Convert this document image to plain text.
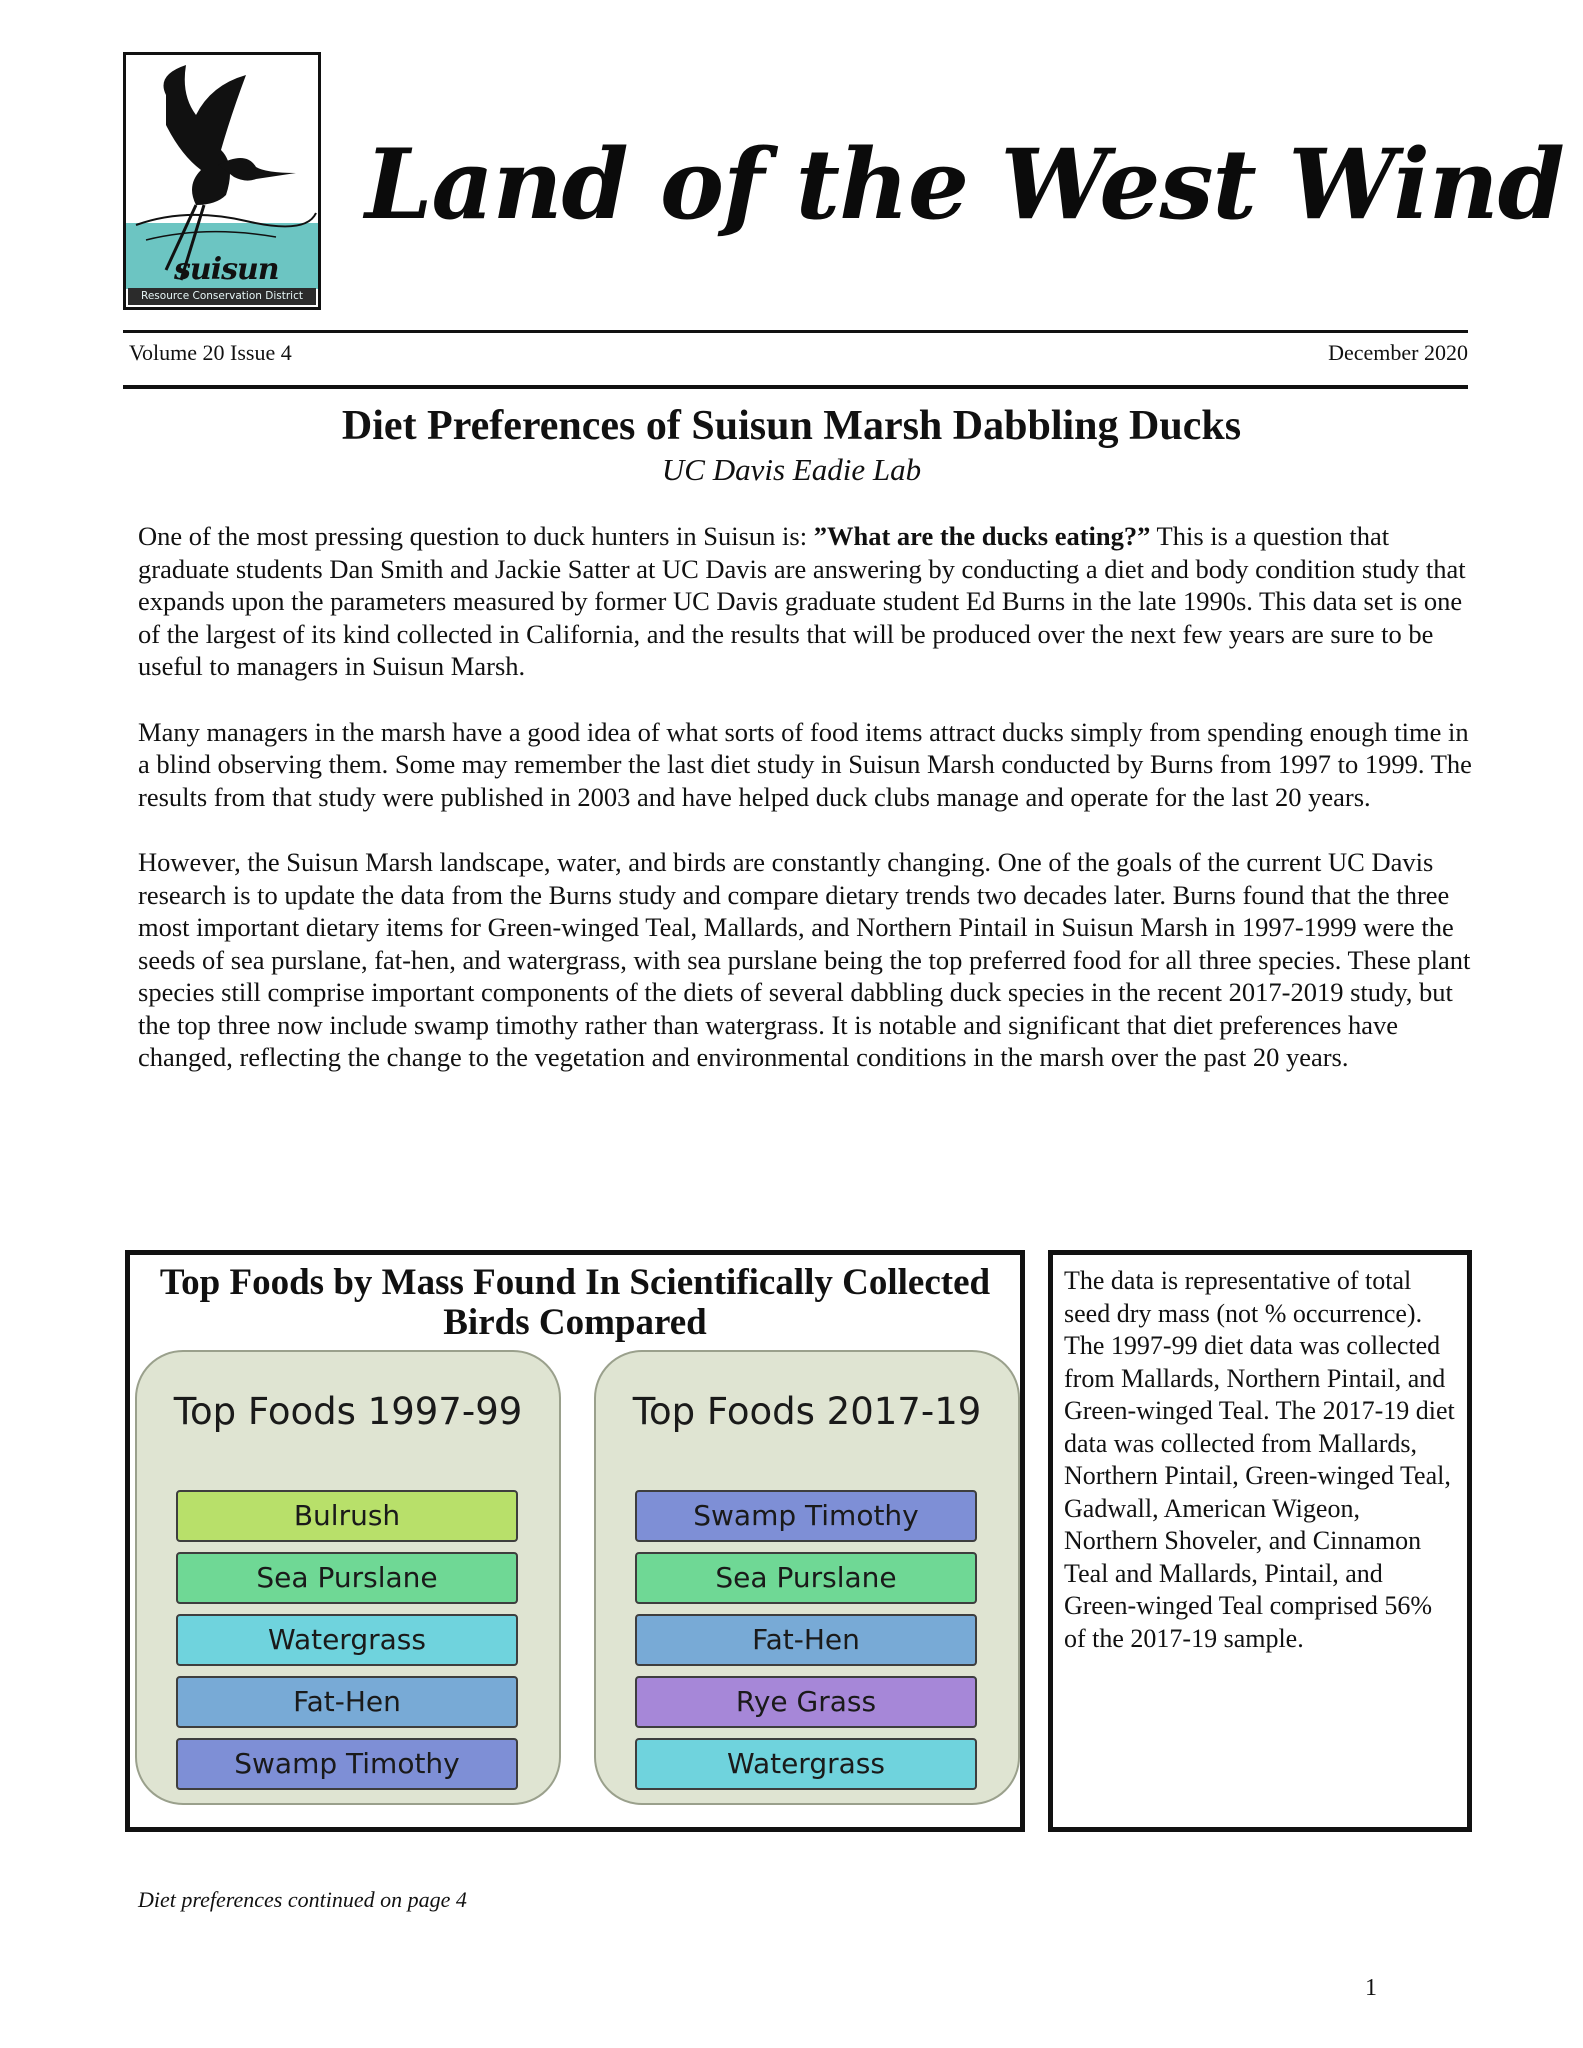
suisun
Resource Conservation District
Land of the West Wind
Volume 20 Issue 4	December 2020
Diet Preferences of Suisun Marsh Dabbling Ducks
UC Davis Eadie Lab

One of the most pressing question to duck hunters in Suisun is: ”What are the ducks eating?” This is a question that graduate students Dan Smith and Jackie Satter at UC Davis are answering by conducting a diet and body condition study that expands upon the parameters measured by former UC Davis graduate student Ed Burns in the late 1990s. This data set is one of the largest of its kind collected in California, and the results that will be produced over the next few years are sure to be useful to managers in Suisun Marsh.

Many managers in the marsh have a good idea of what sorts of food items attract ducks simply from spending enough time in a blind observing them. Some may remember the last diet study in Suisun Marsh conducted by Burns from 1997 to 1999. The results from that study were published in 2003 and have helped duck clubs manage and operate for the last 20 years.

However, the Suisun Marsh landscape, water, and birds are constantly changing. One of the goals of the current UC Davis research is to update the data from the Burns study and compare dietary trends two decades later. Burns found that the three most important dietary items for Green-winged Teal, Mallards, and Northern Pintail in Suisun Marsh in 1997-1999 were the seeds of sea purslane, fat-hen, and watergrass, with sea purslane being the top preferred food for all three species. These plant species still comprise important components of the diets of several dabbling duck species in the recent 2017-2019 study, but the top three now include swamp timothy rather than watergrass. It is notable and significant that diet preferences have changed, reflecting the change to the vegetation and environmental conditions in the marsh over the past 20 years.

Top Foods by Mass Found In Scientifically Collected Birds Compared
Top Foods 1997-99
Bulrush
Sea Purslane
Watergrass
Fat-Hen
Swamp Timothy
Top Foods 2017-19
Swamp Timothy
Sea Purslane
Fat-Hen
Rye Grass
Watergrass
The data is representative of total seed dry mass (not % occurrence). The 1997-99 diet data was collected from Mallards, Northern Pintail, and Green-winged Teal. The 2017-19 diet data was collected from Mallards, Northern Pintail, Green-winged Teal, Gadwall, American Wigeon, Northern Shoveler, and Cinnamon Teal and Mallards, Pintail, and Green-winged Teal comprised 56% of the 2017-19 sample.
Diet preferences continued on page 4
1
